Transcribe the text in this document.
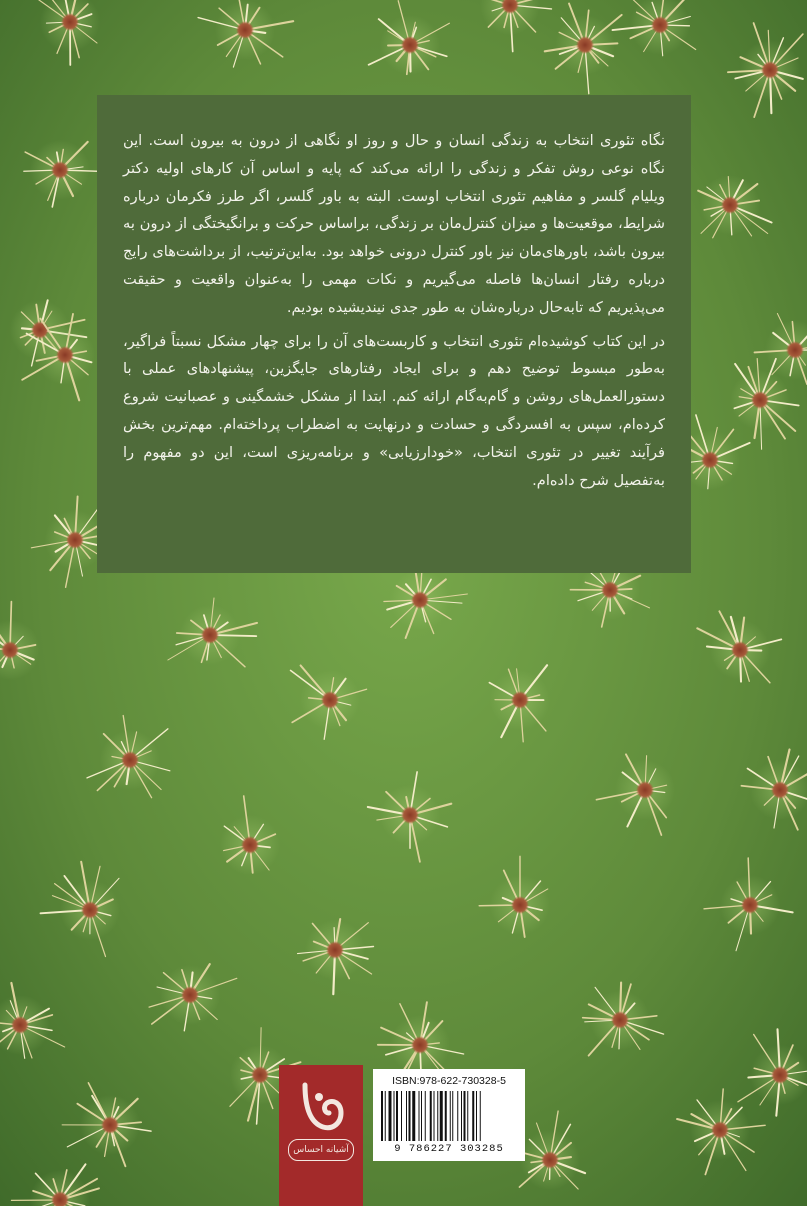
نگاه تئوری انتخاب به زندگی انسان و حال و روز او نگاهی از درون به بیرون است. این نگاه نوعی روش تفکر و زندگی را ارائه می‌کند که پایه و اساس آن کارهای اولیه دکتر ویلیام گلسر و مفاهیم تئوری انتخاب اوست. البته به باور گلسر، اگر طرز فکرمان درباره شرایط، موقعیت‌ها و میزان کنترل‌مان بر زندگی، براساس حرکت و برانگیختگی از درون به بیرون باشد، باورهای‌مان نیز باور کنترل درونی خواهد بود. به‌این‌ترتیب، از برداشت‌های رایج درباره رفتار انسان‌ها فاصله می‌گیریم و نکات مهمی را به‌عنوان واقعیت و حقیقت می‌پذیریم که تابه‌حال درباره‌شان به طور جدی نیندیشیده بودیم.

در این کتاب کوشیده‌ام تئوری انتخاب و کاربست‌های آن را برای چهار مشکل نسبتاً فراگیر، به‌طور مبسوط توضیح دهم و برای ایجاد رفتارهای جایگزین، پیشنهادهای عملی با دستورالعمل‌های روشن و گام‌به‌گام ارائه کنم. ابتدا از مشکل خشمگینی و عصبانیت شروع کرده‌ام، سپس به افسردگی و حسادت و درنهایت به اضطراب پرداخته‌ام. مهم‌ترین بخش فرآیند تغییر در تئوری انتخاب، «خودارزیابی» و برنامه‌ریزی است، این دو مفهوم را به‌تفصیل شرح داده‌ام.

آشیانه احساس
ISBN:978-622-730328-5
9 786227 303285
